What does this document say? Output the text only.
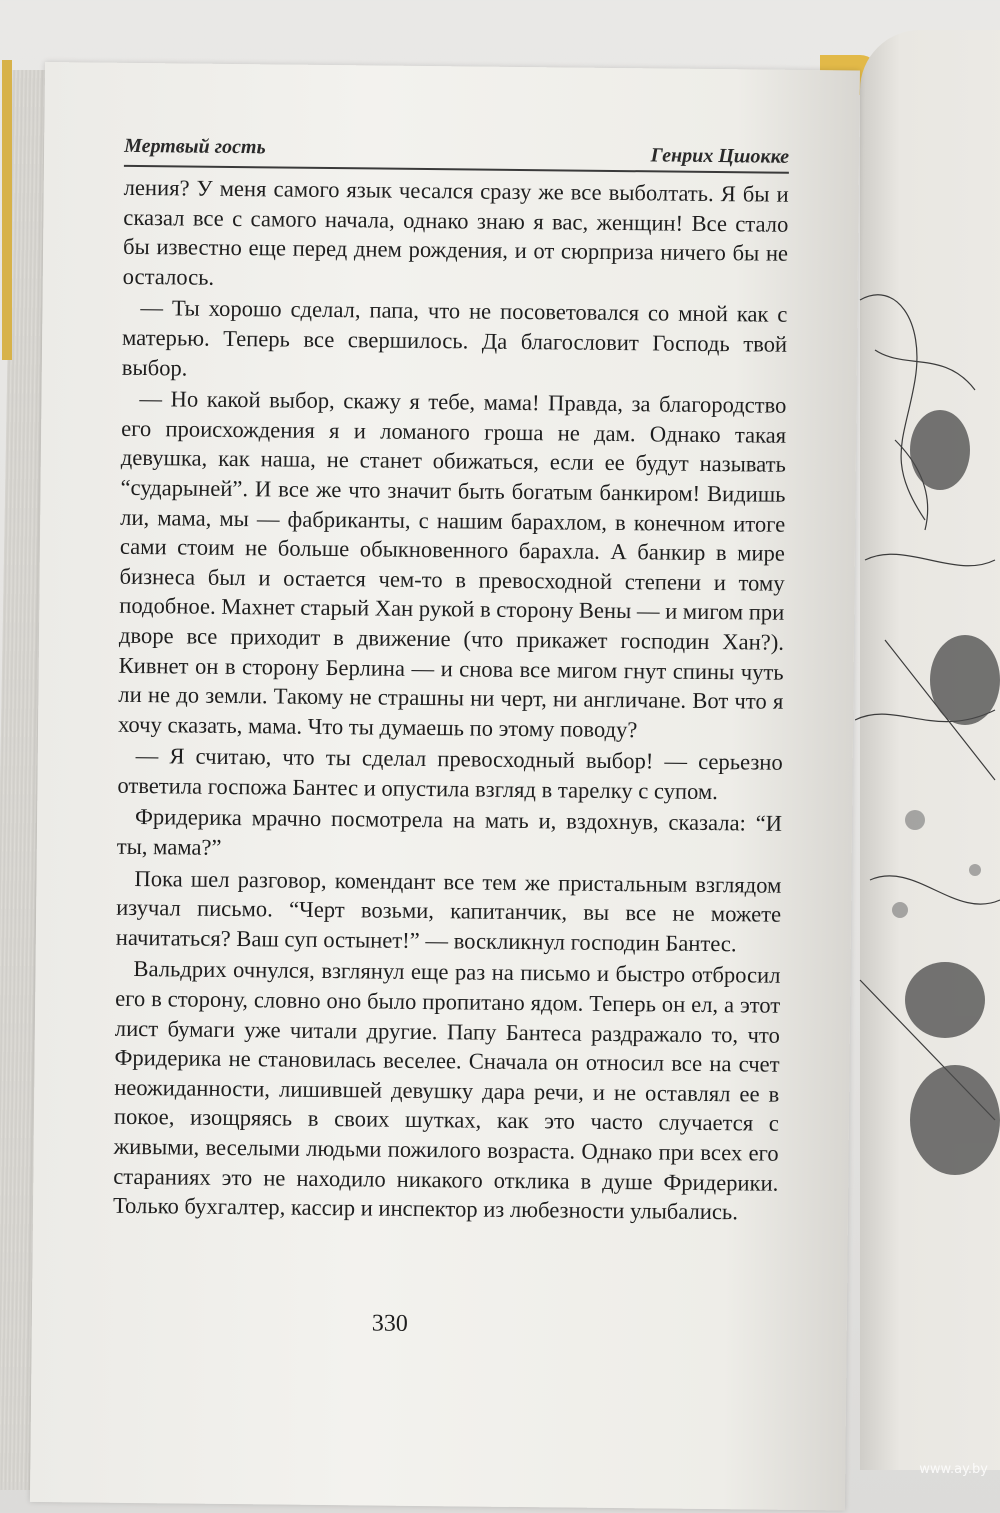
Мертвый гость	Генрих Цшокке

ления? У меня самого язык чесался сразу же все выболтать. Я бы и сказал все с самого начала, однако знаю я вас, женщин! Все стало бы известно еще перед днем рождения, и от сюрприза ничего бы не осталось.

— Ты хорошо сделал, папа, что не посоветовался со мной как с матерью. Теперь все свершилось. Да благословит Господь твой выбор.

— Но какой выбор, скажу я тебе, мама! Правда, за благородство его происхождения я и ломаного гроша не дам. Однако такая девушка, как наша, не станет обижаться, если ее будут называть “сударыней”. И все же что значит быть богатым банкиром! Видишь ли, мама, мы — фабриканты, с нашим барахлом, в конечном итоге сами стоим не больше обыкновенного барахла. А банкир в мире бизнеса был и остается чем-то в превосходной степени и тому подобное. Махнет старый Хан рукой в сторону Вены — и мигом при дворе все приходит в движение (что прикажет господин Хан?). Кивнет он в сторону Берлина — и снова все мигом гнут спины чуть ли не до земли. Такому не страшны ни черт, ни англичане. Вот что я хочу сказать, мама. Что ты думаешь по этому поводу?

— Я считаю, что ты сделал превосходный выбор! — серьезно ответила госпожа Бантес и опустила взгляд в тарелку с супом.

Фридерика мрачно посмотрела на мать и, вздохнув, сказала: “И ты, мама?”

Пока шел разговор, комендант все тем же пристальным взглядом изучал письмо. “Черт возьми, капитанчик, вы все не можете начитаться? Ваш суп остынет!” — воскликнул господин Бантес.

Вальдрих очнулся, взглянул еще раз на письмо и быстро отбросил его в сторону, словно оно было пропитано ядом. Теперь он ел, а этот лист бумаги уже читали другие. Папу Бантеса раздражало то, что Фридерика не становилась веселее. Сначала он относил все на счет неожиданности, лишившей девушку дара речи, и не оставлял ее в покое, изощряясь в своих шутках, как это часто случается с живыми, веселыми людьми пожилого возраста. Однако при всех его стараниях это не находило никакого отклика в душе Фридерики. Только бухгалтер, кассир и инспектор из любезности улыбались.

330
www.ay.by
